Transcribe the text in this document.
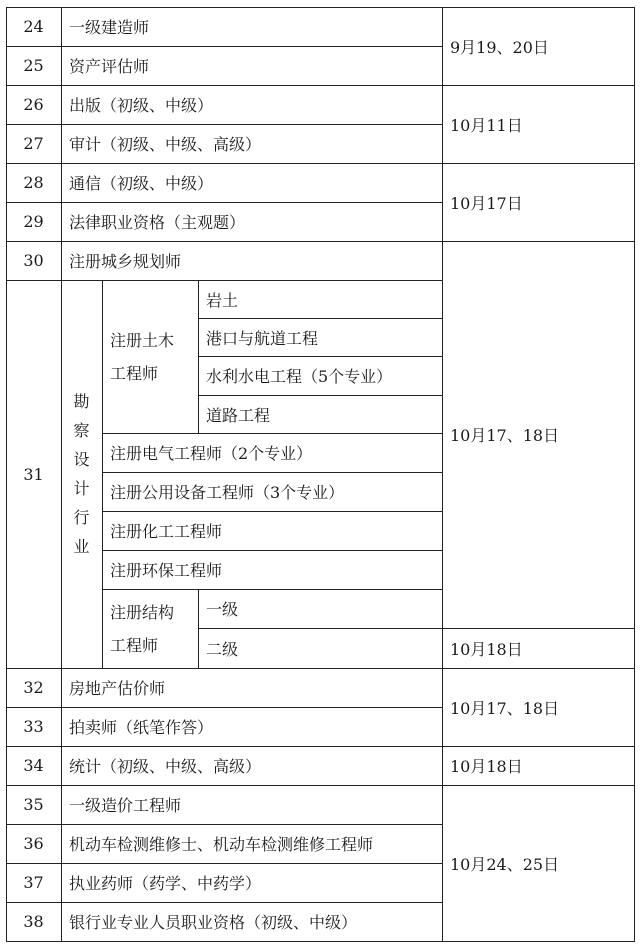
24
25
26
27
28
29
30
31
32
33
34
35
36
37
38
一级建造师
资产评估师
出版（初级、中级）
审计（初级、中级、高级）
通信（初级、中级）
法律职业资格（主观题）
注册城乡规划师
房地产估价师
拍卖师（纸笔作答）
统计（初级、中级、高级）
一级造价工程师
机动车检测维修士、机动车检测维修工程师
执业药师（药学、中药学）
银行业专业人员职业资格（初级、中级）
勘
察
设
计
行
业
注册土木
工程师
岩土
港口与航道工程
水利水电工程（5个专业）
道路工程
注册电气工程师（2个专业）
注册公用设备工程师（3个专业）
注册化工工程师
注册环保工程师
注册结构
工程师
一级
二级
9月19、20日
10月11日
10月17日
10月17、18日
10月18日
10月17、18日
10月18日
10月24、25日
